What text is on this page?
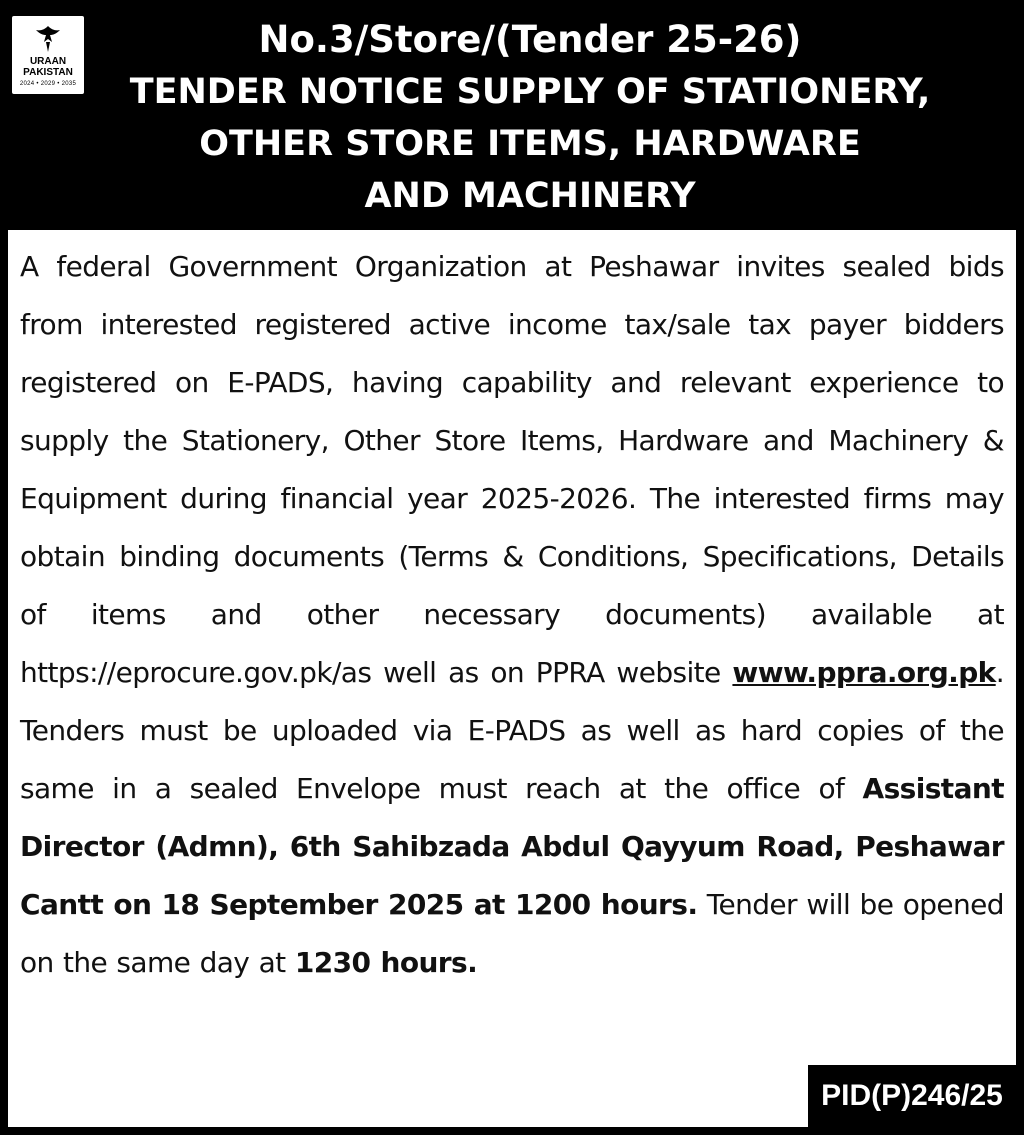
URAAN
PAKISTAN
2024 • 2029 • 2035
No.3/Store/(Tender 25-26)
TENDER NOTICE SUPPLY OF STATIONERY,
OTHER STORE ITEMS, HARDWARE
AND MACHINERY
A federal Government Organization at Peshawar invites sealed bids from interested registered active income tax/sale tax payer bidders registered on E-PADS, having capability and relevant experience to supply the Stationery, Other Store Items, Hardware and Machinery & Equipment during financial year 2025-2026. The interested firms may obtain binding documents (Terms & Conditions, Specifications, Details of items and other necessary documents) available at https://eprocure.gov.pk/as well as on PPRA website www.ppra.org.pk. Tenders must be uploaded via E-PADS as well as hard copies of the same in a sealed Envelope must reach at the office of Assistant Director (Admn), 6th Sahibzada Abdul Qayyum Road, Peshawar Cantt on 18 September 2025 at 1200 hours. Tender will be opened on the same day at 1230 hours.
PID(P)246/25
